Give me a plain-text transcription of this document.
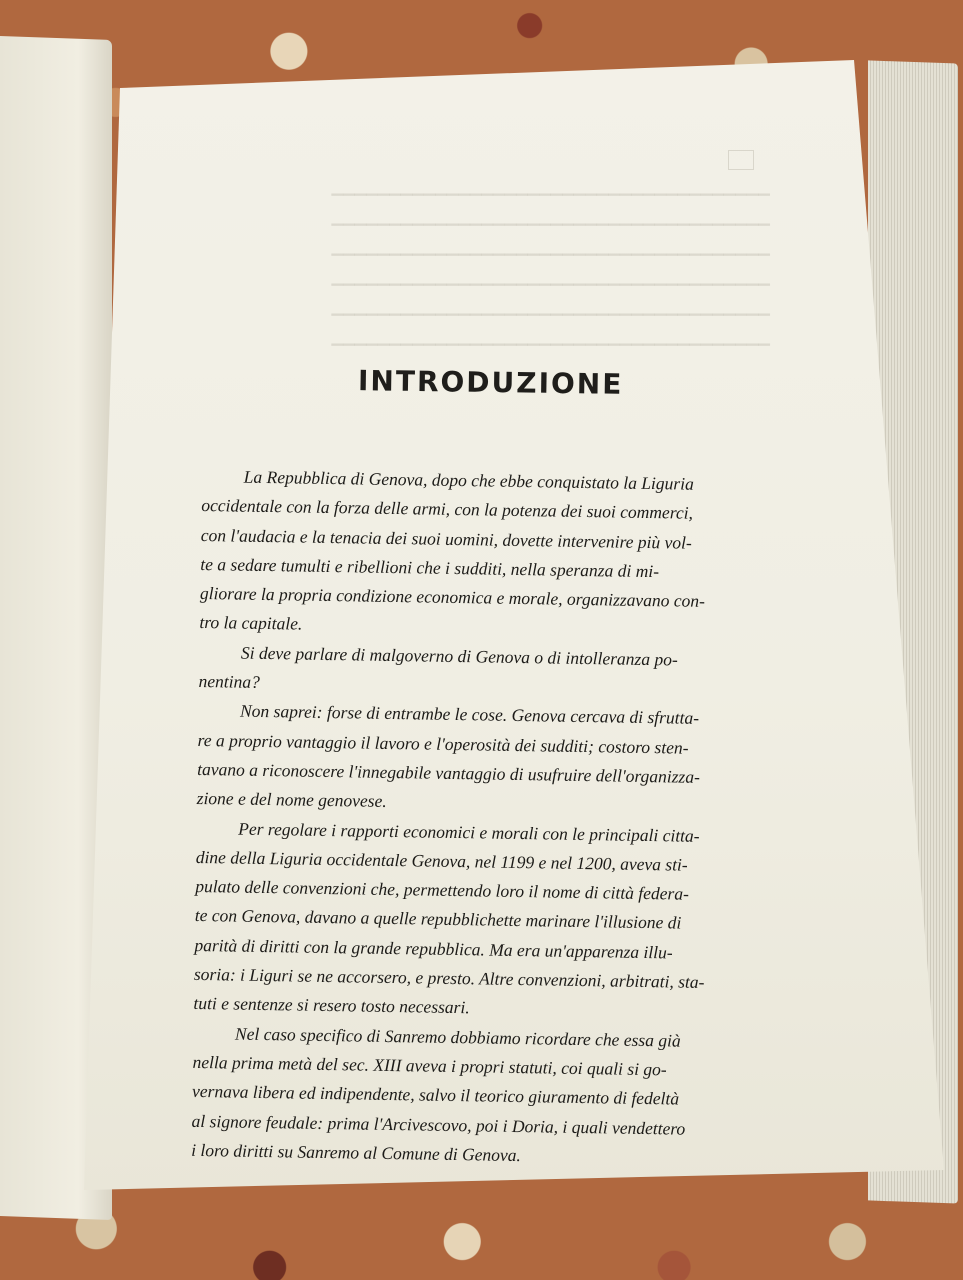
▁▁▁▁▁▁▁▁▁▁▁▁▁▁▁▁▁▁▁▁▁▁▁▁▁▁▁▁▁▁▁▁▁▁▁▁▁▁
▁▁▁▁▁▁▁▁▁▁▁▁▁▁▁▁▁▁▁▁▁▁▁▁▁▁▁▁▁▁▁▁▁▁▁▁▁▁
▁▁▁▁▁▁▁▁▁▁▁▁▁▁▁▁▁▁▁▁▁▁▁▁▁▁▁▁▁▁▁▁▁▁▁▁▁▁
▁▁▁▁▁▁▁▁▁▁▁▁▁▁▁▁▁▁▁▁▁▁▁▁▁▁▁▁▁▁▁▁▁▁▁▁▁▁
▁▁▁▁▁▁▁▁▁▁▁▁▁▁▁▁▁▁▁▁▁▁▁▁▁▁▁▁▁▁▁▁▁▁▁▁▁▁
▁▁▁▁▁▁▁▁▁▁▁▁▁▁▁▁▁▁▁▁▁▁▁▁▁▁▁▁▁▁▁▁▁▁▁▁▁▁
INTRODUZIONE
La Repubblica di Genova, dopo che ebbe conquistato la Liguria
occidentale con la forza delle armi, con la potenza dei suoi commerci,
con l'audacia e la tenacia dei suoi uomini, dovette intervenire più vol-
te a sedare tumulti e ribellioni che i sudditi, nella speranza di mi-
gliorare la propria condizione economica e morale, organizzavano con-
tro la capitale.
Si deve parlare di malgoverno di Genova o di intolleranza po-
nentina?
Non saprei: forse di entrambe le cose. Genova cercava di sfrutta-
re a proprio vantaggio il lavoro e l'operosità dei sudditi; costoro sten-
tavano a riconoscere l'innegabile vantaggio di usufruire dell'organizza-
zione e del nome genovese.
Per regolare i rapporti economici e morali con le principali citta-
dine della Liguria occidentale Genova, nel 1199 e nel 1200, aveva sti-
pulato delle convenzioni che, permettendo loro il nome di città federa-
te con Genova, davano a quelle repubblichette marinare l'illusione di
parità di diritti con la grande repubblica. Ma era un'apparenza illu-
soria: i Liguri se ne accorsero, e presto. Altre convenzioni, arbitrati, sta-
tuti e sentenze si resero tosto necessari.
Nel caso specifico di Sanremo dobbiamo ricordare che essa già
nella prima metà del sec. XIII aveva i propri statuti, coi quali si go-
vernava libera ed indipendente, salvo il teorico giuramento di fedeltà
al signore feudale: prima l'Arcivescovo, poi i Doria, i quali vendettero
i loro diritti su Sanremo al Comune di Genova.
